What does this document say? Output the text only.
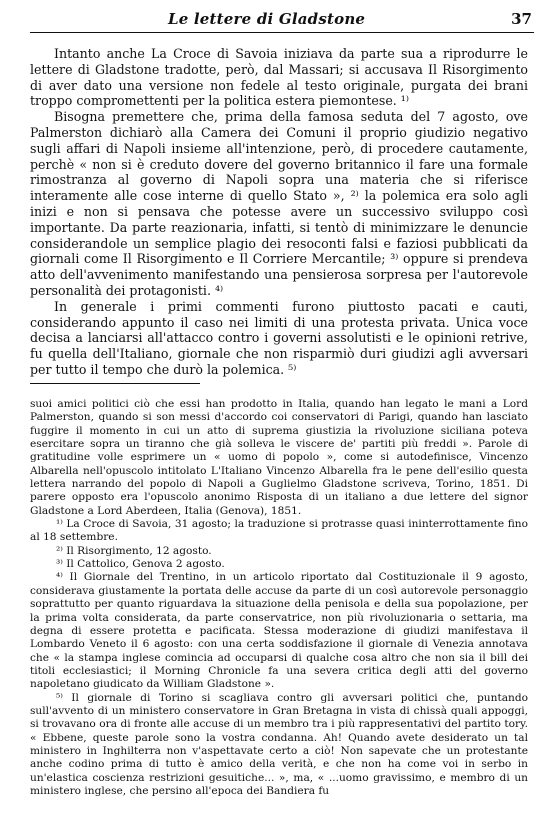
Le lettere di Gladstone	37

Intanto anche La Croce di Savoia iniziava da parte sua a riprodurre le lettere di Gladstone tradotte, però, dal Massari; si accusava Il Risorgimento di aver dato una versione non fedele al testo originale, purgata dei brani troppo compromettenti per la politica estera piemontese. ¹⁾

Bisogna premettere che, prima della famosa seduta del 7 agosto, ove Palmerston dichiarò alla Camera dei Comuni il proprio giudizio negativo sugli affari di Napoli insieme all'intenzione, però, di procedere cautamente, perchè « non si è creduto dovere del governo britannico il fare una formale rimostranza al governo di Napoli sopra una materia che si riferisce interamente alle cose interne di quello Stato », ²⁾ la polemica era solo agli inizi e non si pensava che potesse avere un successivo sviluppo così importante. Da parte reazionaria, infatti, si tentò di minimizzare le denuncie considerandole un semplice plagio dei resoconti falsi e faziosi pubblicati da giornali come Il Risorgimento e Il Corriere Mercantile; ³⁾ oppure si prendeva atto dell'avvenimento manifestando una pensierosa sorpresa per l'autorevole personalità dei protagonisti. ⁴⁾

In generale i primi commenti furono piuttosto pacati e cauti, considerando appunto il caso nei limiti di una protesta privata. Unica voce decisa a lanciarsi all'attacco contro i governi assolutisti e le opinioni retrive, fu quella dell'Italiano, giornale che non risparmiò duri giudizi agli avversari per tutto il tempo che durò la polemica. ⁵⁾

suoi amici politici ciò che essi han prodotto in Italia, quando han legato le mani a Lord Palmerston, quando si son messi d'accordo coi conservatori di Parigi, quando han lasciato fuggire il momento in cui un atto di suprema giustizia la rivoluzione siciliana poteva esercitare sopra un tiranno che già solleva le viscere de' partiti più freddi ». Parole di gratitudine volle esprimere un « uomo di popolo », come si autodefinisce, Vincenzo Albarella nell'opuscolo intitolato L'Italiano Vincenzo Albarella fra le pene dell'esilio questa lettera narrando del popolo di Napoli a Guglielmo Gladstone scriveva, Torino, 1851. Di parere opposto era l'opuscolo anonimo Risposta di un italiano a due lettere del signor Gladstone a Lord Aberdeen, Italia (Genova), 1851.

¹⁾ La Croce di Savoia, 31 agosto; la traduzione si protrasse quasi ininterrottamente fino al 18 settembre.

²⁾ Il Risorgimento, 12 agosto.

³⁾ Il Cattolico, Genova 2 agosto.

⁴⁾ Il Giornale del Trentino, in un articolo riportato dal Costituzionale il 9 agosto, considerava giustamente la portata delle accuse da parte di un così autorevole personaggio soprattutto per quanto riguardava la situazione della penisola e della sua popolazione, per la prima volta considerata, da parte conservatrice, non più rivoluzionaria o settaria, ma degna di essere protetta e pacificata. Stessa moderazione di giudizi manifestava il Lombardo Veneto il 6 agosto: con una certa soddisfazione il giornale di Venezia annotava che « la stampa inglese comincia ad occuparsi di qualche cosa altro che non sia il bill dei titoli ecclesiastici; il Morning Chronicle fa una severa critica degli atti del governo napoletano giudicato da William Gladstone ».

⁵⁾ Il giornale di Torino si scagliava contro gli avversari politici che, puntando sull'avvento di un ministero conservatore in Gran Bretagna in vista di chissà quali appoggi, si trovavano ora di fronte alle accuse di un membro tra i più rappresentativi del partito tory. « Ebbene, queste parole sono la vostra condanna. Ah! Quando avete desiderato un tal ministero in Inghilterra non v'aspettavate certo a ciò! Non sapevate che un protestante anche codino prima di tutto è amico della verità, e che non ha come voi in serbo in un'elastica coscienza restrizioni gesuitiche... », ma, « ...uomo gravissimo, e membro di un ministero inglese, che persino all'epoca dei Bandiera fu
